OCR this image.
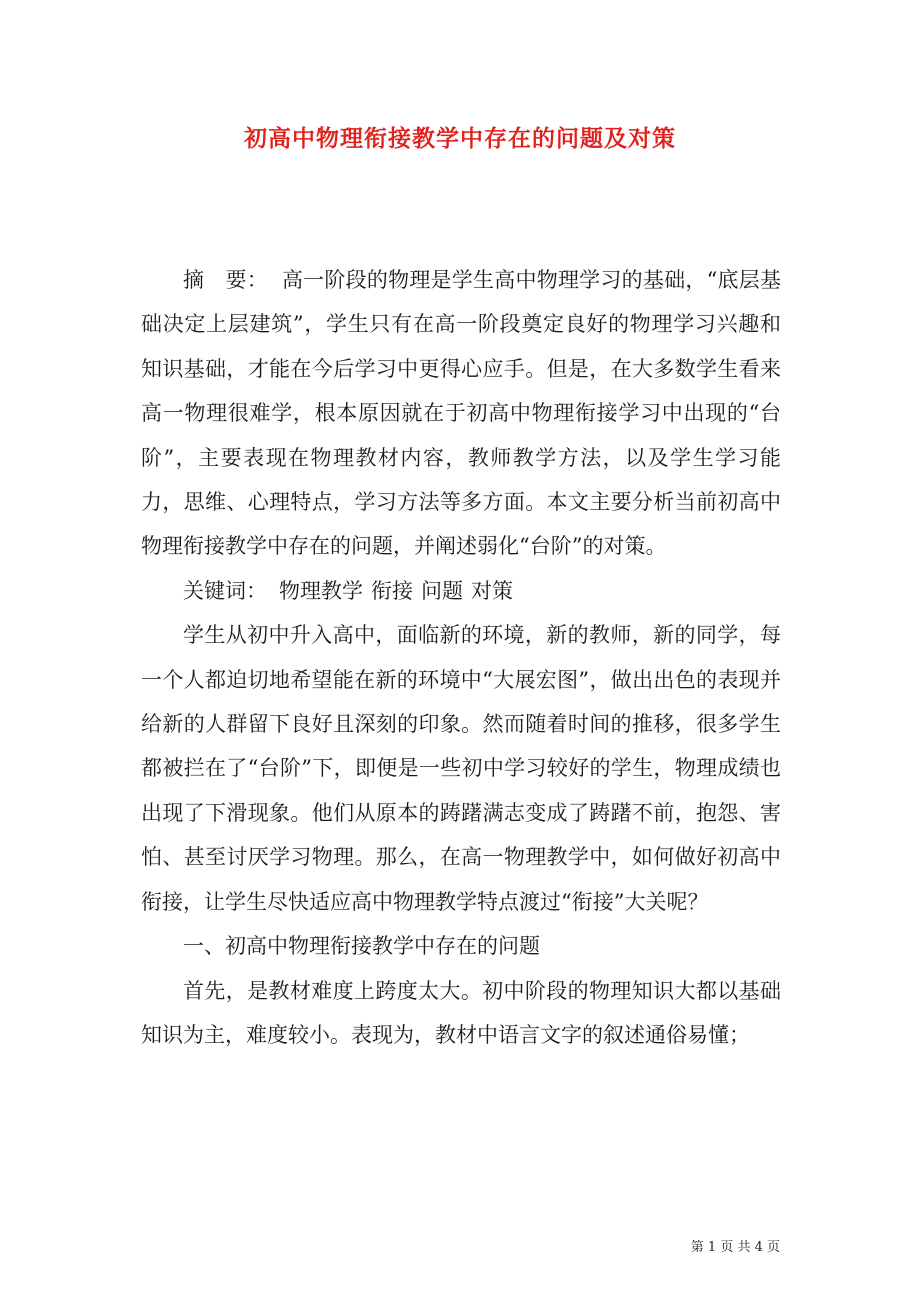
初高中物理衔接教学中存在的问题及对策

摘　要： 高一阶段的物理是学生高中物理学习的基础，“底层基础决定上层建筑”，学生只有在高一阶段奠定良好的物理学习兴趣和知识基础，才能在今后学习中更得心应手。但是，在大多数学生看来高一物理很难学，根本原因就在于初高中物理衔接学习中出现的“台阶”，主要表现在物理教材内容，教师教学方法，以及学生学习能力，思维、心理特点，学习方法等多方面。本文主要分析当前初高中物理衔接教学中存在的问题，并阐述弱化“台阶”的对策。

关键词： 物理教学 衔接 问题 对策

学生从初中升入高中，面临新的环境，新的教师，新的同学，每一个人都迫切地希望能在新的环境中“大展宏图”，做出出色的表现并给新的人群留下良好且深刻的印象。然而随着时间的推移，很多学生都被拦在了“台阶”下，即便是一些初中学习较好的学生，物理成绩也出现了下滑现象。他们从原本的踌躇满志变成了踌躇不前，抱怨、害怕、甚至讨厌学习物理。那么，在高一物理教学中，如何做好初高中衔接，让学生尽快适应高中物理教学特点渡过“衔接”大关呢？

一、初高中物理衔接教学中存在的问题

首先，是教材难度上跨度太大。初中阶段的物理知识大都以基础知识为主，难度较小。表现为，教材中语言文字的叙述通俗易懂；

第 1 页 共 4 页
